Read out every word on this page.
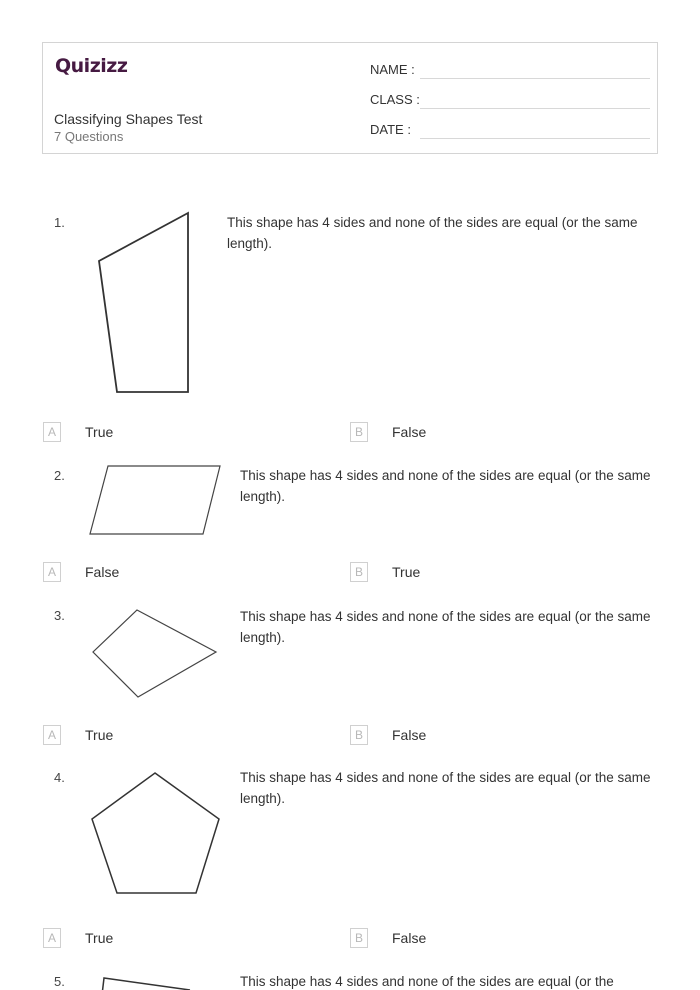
Quizizz
Classifying Shapes Test
7 Questions
NAME :
CLASS :
DATE :
1.	This shape has 4 sides and none of the sides are equal (or the same length).
A	True	B	False
2.	This shape has 4 sides and none of the sides are equal (or the same length).
A	False	B	True
3.	This shape has 4 sides and none of the sides are equal (or the same length).
A	True	B	False
4.	This shape has 4 sides and none of the sides are equal (or the same length).
A	True	B	False
5.	This shape has 4 sides and none of the sides are equal (or the
